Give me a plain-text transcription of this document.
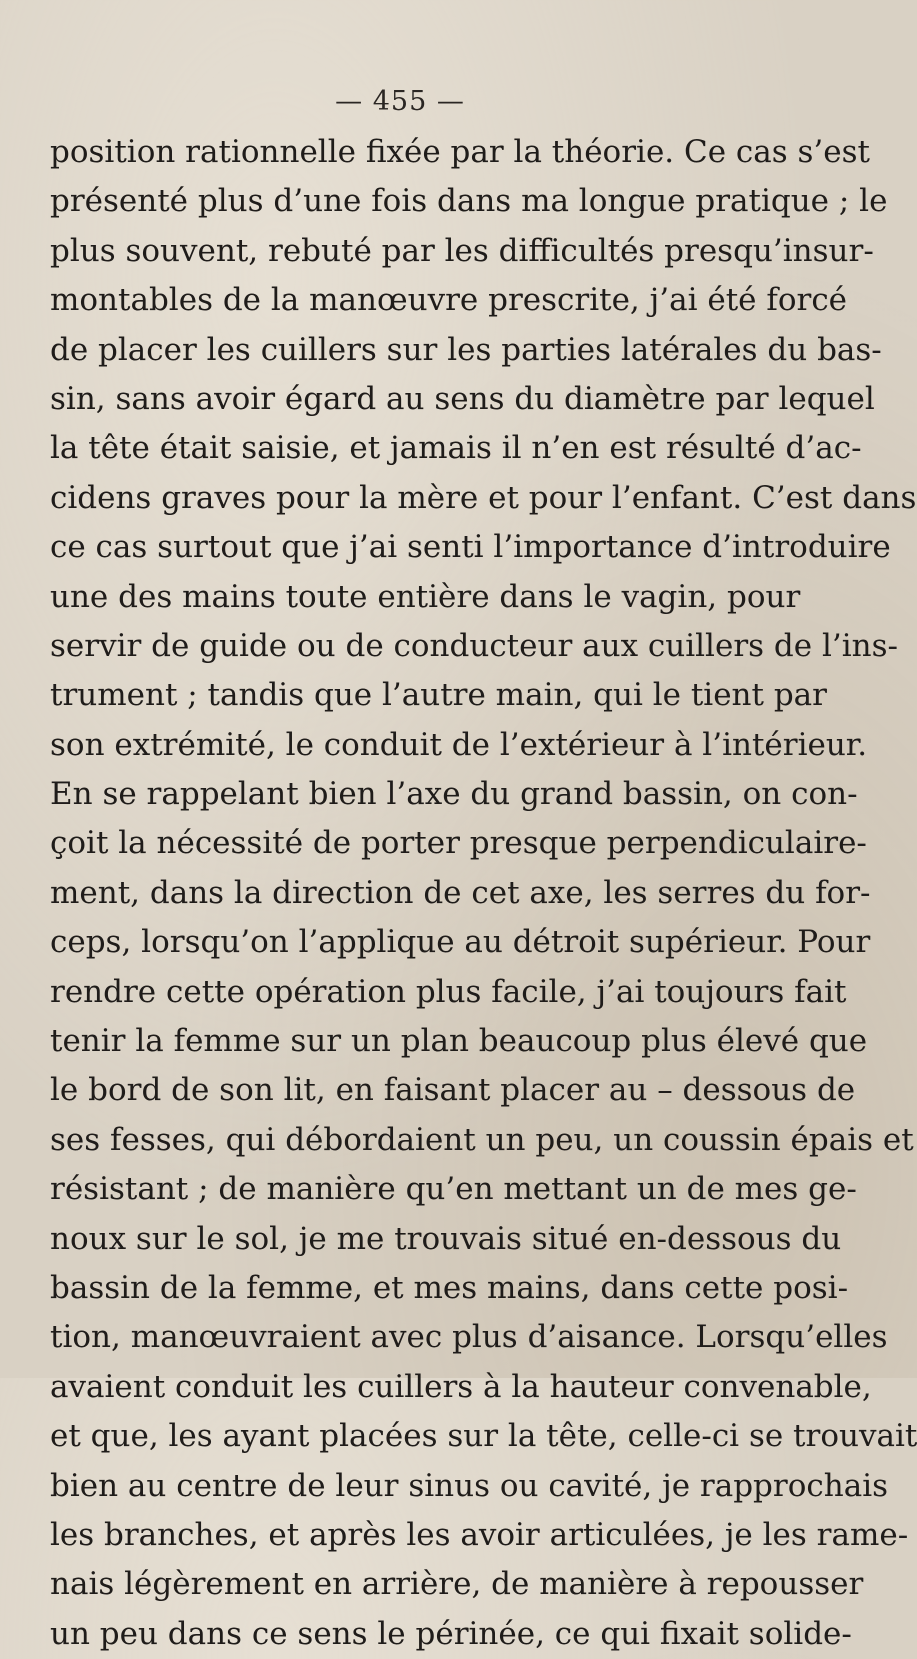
— 455 —
position rationnelle fixée par la théorie. Ce cas s’est
présenté plus d’une fois dans ma longue pratique ; le
plus souvent, rebuté par les difficultés presqu’insur-
montables de la manœuvre prescrite, j’ai été forcé
de placer les cuillers sur les parties latérales du bas-
sin, sans avoir égard au sens du diamètre par lequel
la tête était saisie, et jamais il n’en est résulté d’ac-
cidens graves pour la mère et pour l’enfant. C’est dans
ce cas surtout que j’ai senti l’importance d’introduire
une des mains toute entière dans le vagin, pour
servir de guide ou de conducteur aux cuillers de l’ins-
trument ; tandis que l’autre main, qui le tient par
son extrémité, le conduit de l’extérieur à l’intérieur.
En se rappelant bien l’axe du grand bassin, on con-
çoit la nécessité de porter presque perpendiculaire-
ment, dans la direction de cet axe, les serres du for-
ceps, lorsqu’on l’applique au détroit supérieur. Pour
rendre cette opération plus facile, j’ai toujours fait
tenir la femme sur un plan beaucoup plus élevé que
le bord de son lit, en faisant placer au – dessous de
ses fesses, qui débordaient un peu, un coussin épais et
résistant ; de manière qu’en mettant un de mes ge-
noux sur le sol, je me trouvais situé en-dessous du
bassin de la femme, et mes mains, dans cette posi-
tion, manœuvraient avec plus d’aisance. Lorsqu’elles
avaient conduit les cuillers à la hauteur convenable,
et que, les ayant placées sur la tête, celle-ci se trouvait
bien au centre de leur sinus ou cavité, je rapprochais
les branches, et après les avoir articulées, je les rame-
nais légèrement en arrière, de manière à repousser
un peu dans ce sens le périnée, ce qui fixait solide-
